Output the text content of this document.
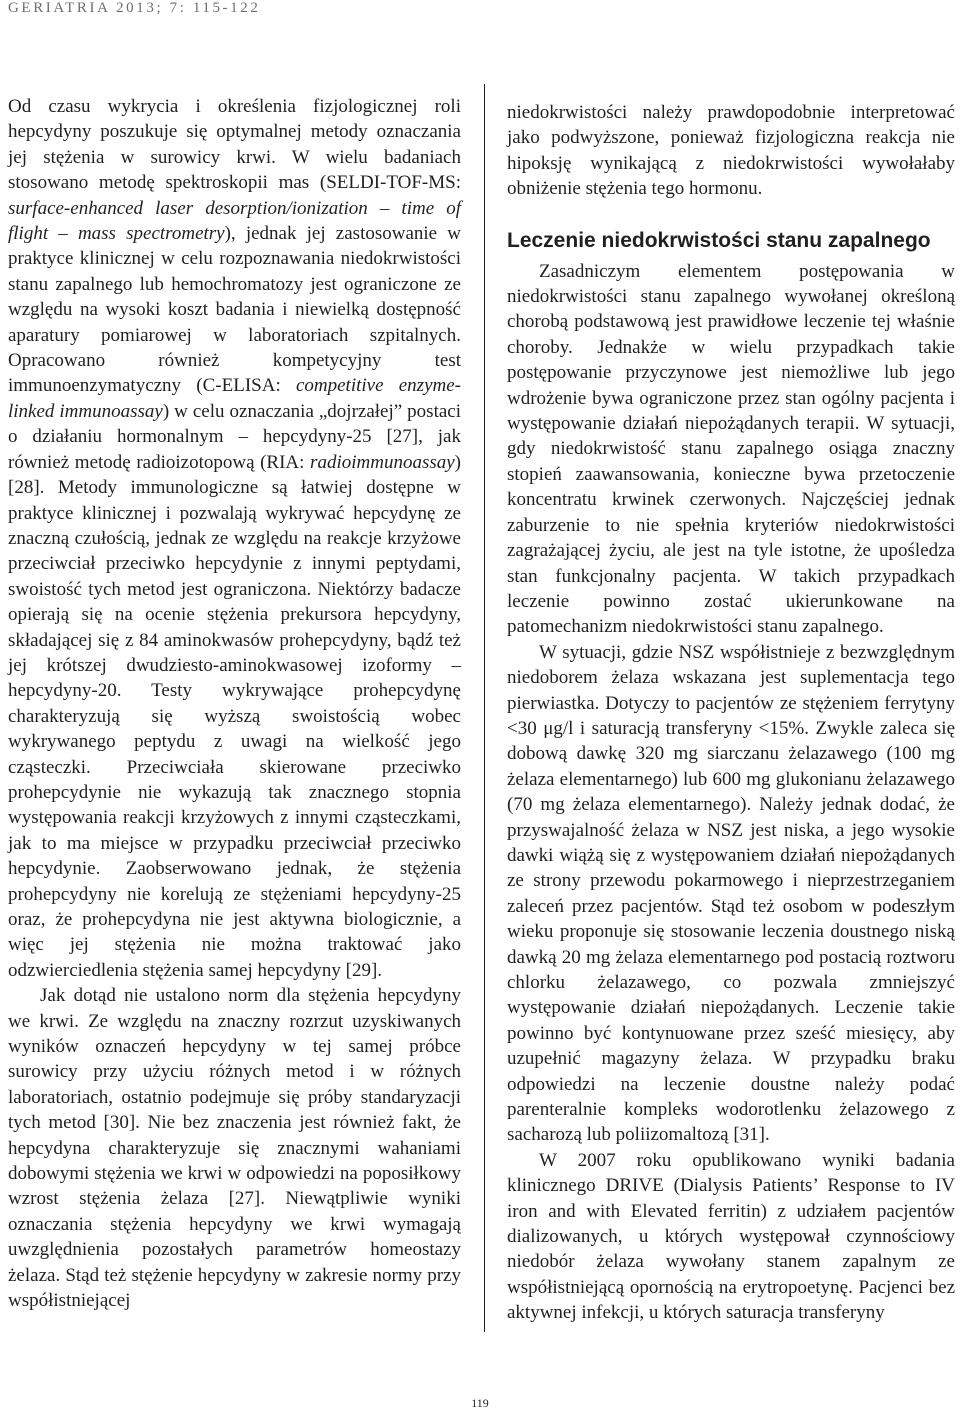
GERIATRIA 2013; 7: 115-122

Od czasu wykrycia i określenia fizjologicznej roli hepcydyny poszukuje się optymalnej metody oznaczania jej stężenia w surowicy krwi. W wielu badaniach stosowano metodę spektroskopii mas (SELDI-TOF-MS: surface-enhanced laser desorption/ionization – time of flight – mass spectrometry), jednak jej zastosowanie w praktyce klinicznej w celu rozpoznawania niedokrwistości stanu zapalnego lub hemochromatozy jest ograniczone ze względu na wysoki koszt badania i niewielką dostępność aparatury pomiarowej w laboratoriach szpitalnych. Opracowano również kompetycyjny test immunoenzymatyczny (C-ELISA: competitive enzyme-linked immunoassay) w celu oznaczania „dojrzałej” postaci o działaniu hormonalnym – hepcydyny-25 [27], jak również metodę radioizotopową (RIA: radioimmunoassay) [28]. Metody immunologiczne są łatwiej dostępne w praktyce klinicznej i pozwalają wykrywać hepcydynę ze znaczną czułością, jednak ze względu na reakcje krzyżowe przeciwciał przeciwko hepcydynie z innymi peptydami, swoistość tych metod jest ograniczona. Niektórzy badacze opierają się na ocenie stężenia prekursora hepcydyny, składającej się z 84 aminokwasów prohepcydyny, bądź też jej krótszej dwudziesto-aminokwasowej izoformy – hepcydyny-20. Testy wykrywające prohepcydynę charakteryzują się wyższą swoistością wobec wykrywanego peptydu z uwagi na wielkość jego cząsteczki. Przeciwciała skierowane przeciwko prohepcydynie nie wykazują tak znacznego stopnia występowania reakcji krzyżowych z innymi cząsteczkami, jak to ma miejsce w przypadku przeciwciał przeciwko hepcydynie. Zaobserwowano jednak, że stężenia prohepcydyny nie korelują ze stężeniami hepcydyny-25 oraz, że prohepcydyna nie jest aktywna biologicznie, a więc jej stężenia nie można traktować jako odzwierciedlenia stężenia samej hepcydyny [29].

Jak dotąd nie ustalono norm dla stężenia hepcydyny we krwi. Ze względu na znaczny rozrzut uzyskiwanych wyników oznaczeń hepcydyny w tej samej próbce surowicy przy użyciu różnych metod i w różnych laboratoriach, ostatnio podejmuje się próby standaryzacji tych metod [30]. Nie bez znaczenia jest również fakt, że hepcydyna charakteryzuje się znacznymi wahaniami dobowymi stężenia we krwi w odpowiedzi na poposiłkowy wzrost stężenia żelaza [27]. Niewątpliwie wyniki oznaczania stężenia hepcydyny we krwi wymagają uwzględnienia pozostałych parametrów homeostazy żelaza. Stąd też stężenie hepcydyny w zakresie normy przy współistniejącej

niedokrwistości należy prawdopodobnie interpretować jako podwyższone, ponieważ fizjologiczna reakcja nie hipoksję wynikającą z niedokrwistości wywołałaby obniżenie stężenia tego hormonu.

Leczenie niedokrwistości stanu zapalnego

Zasadniczym elementem postępowania w niedokrwistości stanu zapalnego wywołanej określoną chorobą podstawową jest prawidłowe leczenie tej właśnie choroby. Jednakże w wielu przypadkach takie postępowanie przyczynowe jest niemożliwe lub jego wdrożenie bywa ograniczone przez stan ogólny pacjenta i występowanie działań niepożądanych terapii. W sytuacji, gdy niedokrwistość stanu zapalnego osiąga znaczny stopień zaawansowania, konieczne bywa przetoczenie koncentratu krwinek czerwonych. Najczęściej jednak zaburzenie to nie spełnia kryteriów niedokrwistości zagrażającej życiu, ale jest na tyle istotne, że upośledza stan funkcjonalny pacjenta. W takich przypadkach leczenie powinno zostać ukierunkowane na patomechanizm niedokrwistości stanu zapalnego.

W sytuacji, gdzie NSZ współistnieje z bezwzględnym niedoborem żelaza wskazana jest suplementacja tego pierwiastka. Dotyczy to pacjentów ze stężeniem ferrytyny <30 μg/l i saturacją transferyny <15%. Zwykle zaleca się dobową dawkę 320 mg siarczanu żelazawego (100 mg żelaza elementarnego) lub 600 mg glukonianu żelazawego (70 mg żelaza elementarnego). Należy jednak dodać, że przyswajalność żelaza w NSZ jest niska, a jego wysokie dawki wiążą się z występowaniem działań niepożądanych ze strony przewodu pokarmowego i nieprzestrzeganiem zaleceń przez pacjentów. Stąd też osobom w podeszłym wieku proponuje się stosowanie leczenia doustnego niską dawką 20 mg żelaza elementarnego pod postacią roztworu chlorku żelazawego, co pozwala zmniejszyć występowanie działań niepożądanych. Leczenie takie powinno być kontynuowane przez sześć miesięcy, aby uzupełnić magazyny żelaza. W przypadku braku odpowiedzi na leczenie doustne należy podać parenteralnie kompleks wodorotlenku żelazowego z sacharozą lub poliizomaltozą [31].

W 2007 roku opublikowano wyniki badania klinicznego DRIVE (Dialysis Patients’ Response to IV iron and with Elevated ferritin) z udziałem pacjentów dializowanych, u których występował czynnościowy niedobór żelaza wywołany stanem zapalnym ze współistniejącą opornością na erytropoetynę. Pacjenci bez aktywnej infekcji, u których saturacja transferyny

119
